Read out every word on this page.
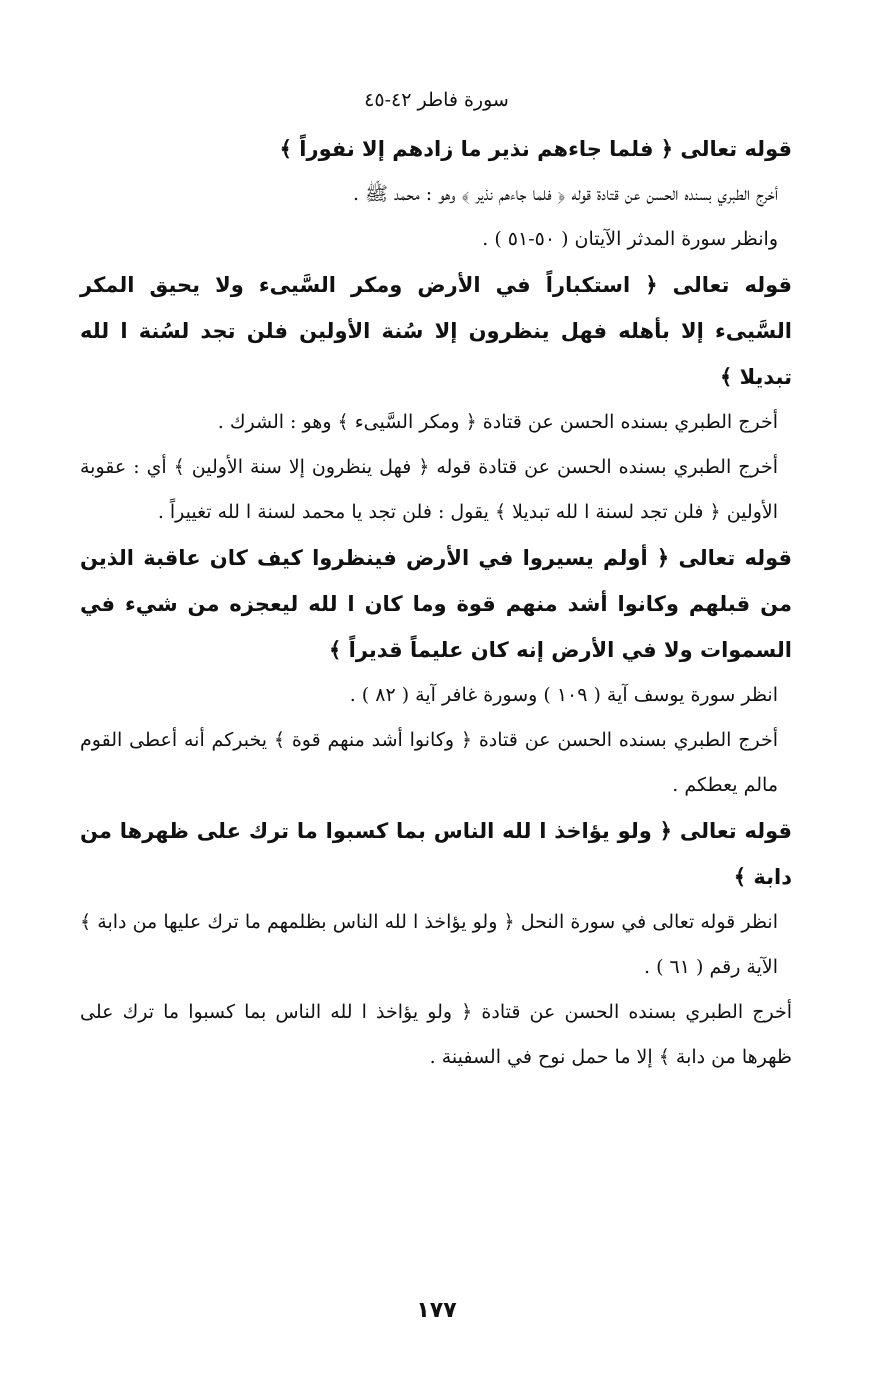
سورة فاطر ٤٢-٤٥

قوله تعالى ﴿ فلما جاءهم نذير ما زادهم إلا نفوراً ﴾

أخرج الطبري بسنده الحسن عن قتادة قوله ﴿ فلما جاءهم نذير ﴾ وهو : محمد ﷺ .

وانظر سورة المدثر الآيتان ( ٥٠-٥١ ) .

قوله تعالى ﴿ استكباراً في الأرض ومكر السَّيىء ولا يحيق المكر السَّيىء إلا بأهله فهل ينظرون إلا سُنة الأولين فلن تجد لسُنة ا لله تبديلا ﴾

أخرج الطبري بسنده الحسن عن قتادة ﴿ ومكر السَّيىء ﴾ وهو : الشرك .

أخرج الطبري بسنده الحسن عن قتادة قوله ﴿ فهل ينظرون إلا سنة الأولين ﴾ أي : عقوبة الأولين ﴿ فلن تجد لسنة ا لله تبديلا ﴾ يقول : فلن تجد يا محمد لسنة ا لله تغييراً .

قوله تعالى ﴿ أولم يسيروا في الأرض فينظروا كيف كان عاقبة الذين من قبلهم وكانوا أشد منهم قوة وما كان ا لله ليعجزه من شيء في السموات ولا في الأرض إنه كان عليماً قديراً ﴾

انظر سورة يوسف آية ( ١٠٩ ) وسورة غافر آية ( ٨٢ ) .

أخرج الطبري بسنده الحسن عن قتادة ﴿ وكانوا أشد منهم قوة ﴾ يخبركم أنه أعطى القوم مالم يعطكم .

قوله تعالى ﴿ ولو يؤاخذ ا لله الناس بما كسبوا ما ترك على ظهرها من دابة ﴾

انظر قوله تعالى في سورة النحل ﴿ ولو يؤاخذ ا لله الناس بظلمهم ما ترك عليها من دابة ﴾ الآية رقم ( ٦١ ) .

أخرج الطبري بسنده الحسن عن قتادة ﴿ ولو يؤاخذ ا لله الناس بما كسبوا ما ترك على ظهرها من دابة ﴾ إلا ما حمل نوح في السفينة .

١٧٧
